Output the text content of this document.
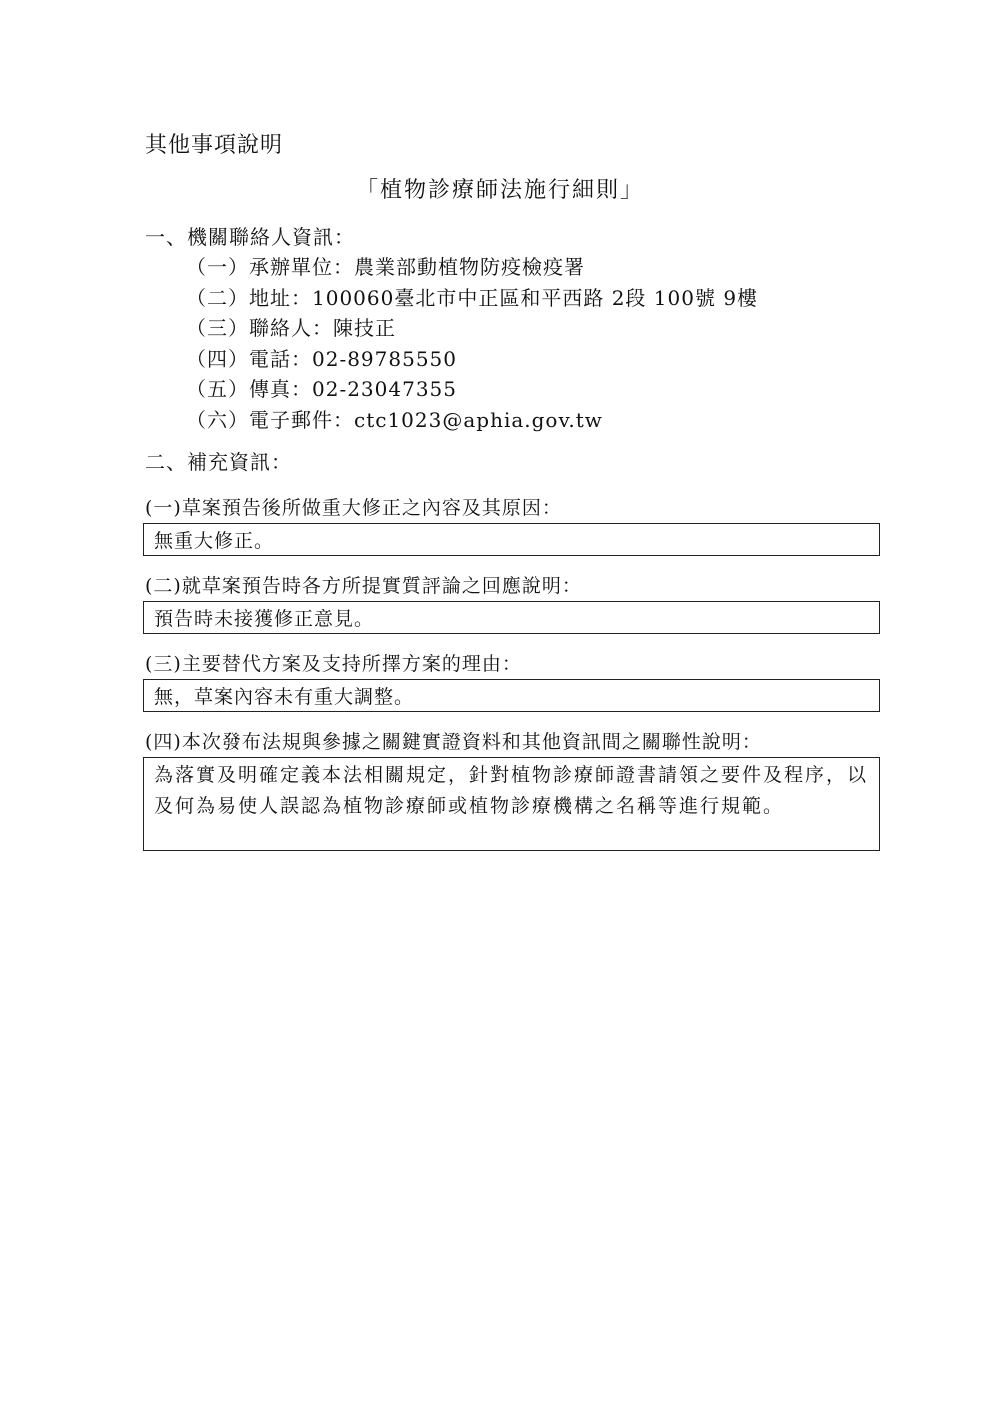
其他事項說明
「植物診療師法施行細則」
一、機關聯絡人資訊：
（一）承辦單位：農業部動植物防疫檢疫署
（二）地址：100060臺北市中正區和平西路 2段 100號 9樓
（三）聯絡人：陳技正
（四）電話：02-89785550
（五）傳真：02-23047355
（六）電子郵件：ctc1023@aphia.gov.tw
二、補充資訊：
(一)草案預告後所做重大修正之內容及其原因：
無重大修正。
(二)就草案預告時各方所提實質評論之回應說明：
預告時未接獲修正意見。
(三)主要替代方案及支持所擇方案的理由：
無，草案內容未有重大調整。
(四)本次發布法規與參據之關鍵實證資料和其他資訊間之關聯性說明：
為落實及明確定義本法相關規定，針對植物診療師證書請領之要件及程序，以及何為易使人誤認為植物診療師或植物診療機構之名稱等進行規範。
